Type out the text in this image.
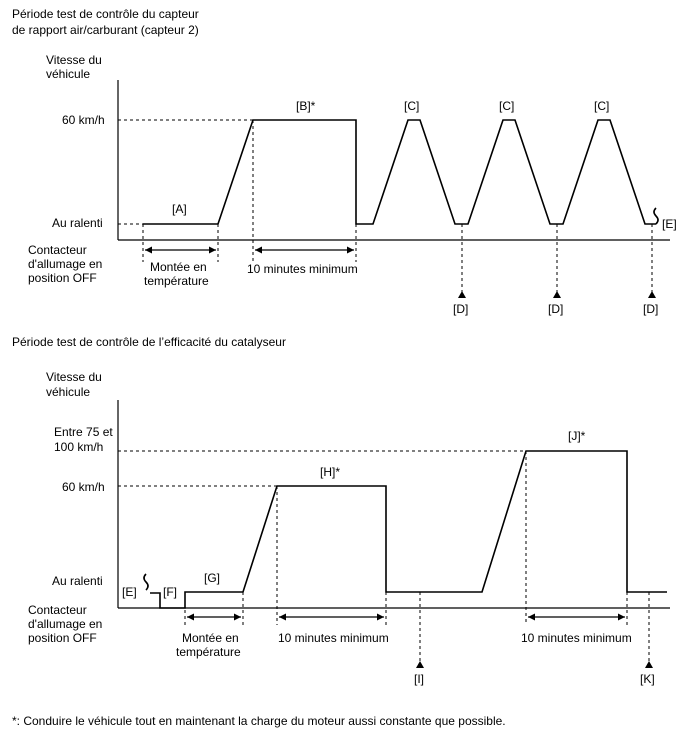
Période test de contrôle du capteur
de rapport air/carburant (capteur 2)
Vitesse du
véhicule
60 km/h
Au ralenti
Contacteur
d'allumage en
position OFF
Montée en
température
10 minutes minimum
[A]
[B]*	[C]	[C]	[C]
[E]
[D]	[D]	[D]
Période test de contrôle de l’efficacité du catalyseur
Vitesse du
véhicule
Entre 75 et
100 km/h
60 km/h
Au ralenti
Contacteur
d'allumage en
position OFF	Montée en
température
10 minutes minimum	10 minutes minimum
[E] [F]
[G]
[H]*
[J]*
[I]	[K]
*: Conduire le véhicule tout en maintenant la charge du moteur aussi constante que possible.
